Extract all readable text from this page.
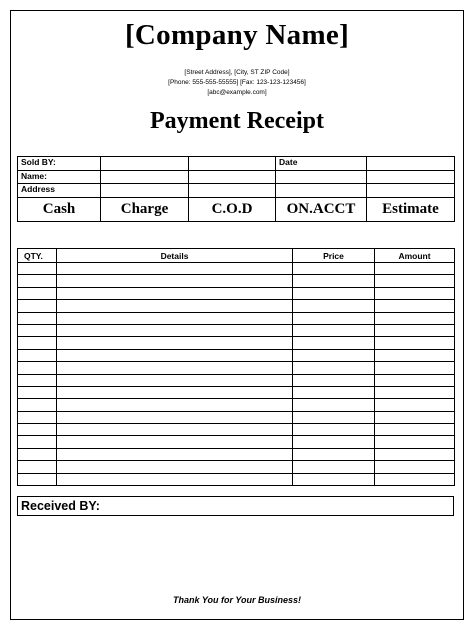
[Company Name]
[Street Address], [City, ST ZIP Code]
[Phone: 555-555-55555] [Fax: 123-123-123456]
[abc@example.com]
Payment Receipt
Sold BY:			Date	
Name:				
Address				
Cash	Charge	C.O.D	ON.ACCT	Estimate
QTY.	Details	Price	Amount

Received BY:
Thank You for Your Business!
